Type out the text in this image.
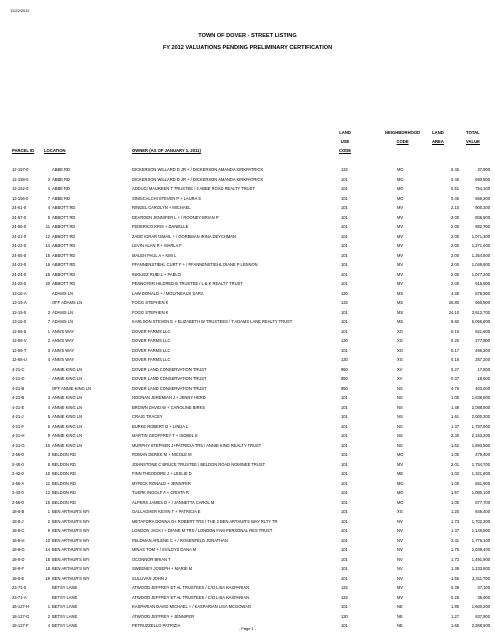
11/22/2011
TOWN OF DOVER - STREET LISTING
FY 2012 VALUATIONS PENDING PRELIMINARY CERTIFICATION
PARCEL ID LOCATION	OWNER (AS OF JANUARY 1, 2011)
LAND
USE
CODE
NEIGHBORHOOD
CODE
LAND
AREA
TOTAL
VALUE
12-157-0	ABBE RD	DICKERSON WILLARD D JR + / DICKERSON AMANDA KIRKPATRICK	132	MG	0.46	37,900
12-158-0	3 ABBE RD	DICKERSON WILLARD D JR + / DICKERSON AMANDA KIRKPATRICK	101	MG	0.46	690,500
12-152-0	4 ABBE RD	ADDUCI MAUREEN T TRUSTEE / 4 ABBE ROAD REALTY TRUST	101	MG	0.51	754,100
12-156-0	7 ABBE RD	SINISCALCHI STEVEN P + LAURA S	101	MG	0.46	569,200
24-61-0	4 ABBOTT RD	RINGEL CAROLYN + MICHAEL	101	MV	2.10	900,200
24-57-0	5 ABBOTT RD	DEARDEN JENNIFER L + / ROONEY BRIAN P	101	MV	2.00	806,500
24-56-0	11 ABBOTT RD	FEDERICO KRIS + DANIELLE	101	MV	2.00	882,700
24-21-0	12 ABBOTT RD	ZADE IGRAR ISMAIL + / GORBMAN IRINA DEYCHMAN	101	MV	2.00	1,071,300
24-22-0	14 ABBOTT RD	LEVIN ALAN R + MARLA F	101	MV	2.00	1,371,600
24-55-0	15 ABBOTT RD	MALEH PAUL A + KIM L	101	MV	2.00	1,364,500
24-23-0	16 ABBOTT RD	PFANNENSTIEHL CURT F + / PFANNENSTIEHL DIANE P LENNON	101	MV	2.00	1,049,800
24-24-0	18 ABBOTT RD	INIGUEZ RUBI L + PABLO	101	MV	2.00	1,077,200
24-25-0	20 ABBOTT RD	PENNOYER HILDRED B TRUSTEE / L & K REALTY TRUST	101	MV	2.00	915,600
13-16-A	ADAMS LN	LAW DONALD + / MOLYNEAUX SARA	130	MS	4.46	678,300
13-15-A	OFF ADAMS LN	FOGG STEPHEN K	132	MS	26.80	660,500
13-15-0	3 ADAMS LN	FOGG STEPHEN K	101	MS	24.10	3,613,700
13-16-0	7 ADAMS LN	KARLSON STEVEN E + ELIZABETH W TRUSTEES / T ADAMS LANE REALTY TRUST	101	MS	9.82	6,066,800
12-66-5	1 ANN'S WAY	DOVER FARMS LLC	101	XG	0.16	921,600
12-66-V	2 ANN'S WAY	DOVER FARMS LLC	130	XG	0.20	277,800
12-66-T	3 ANN'S WAY	DOVER FARMS LLC	101	XG	0.17	496,200
12-66-U	4 ANN'S WAY	DOVER FARMS LLC	130	XG	0.18	257,200
4-21-C	ANNIE KING LN	DOVER LAND CONSERVATION TRUST	950	XV	0.27	17,500
4-21-D	ANNIE KING LN	DOVER LAND CONSERVATION TRUST	950	XV	0.37	18,600
4-21-B	OFF ANNIE KING LN	DOVER LAND CONSERVATION TRUST	950	NS	4.76	403,000
4-21-B	3 ANNIE KING LN	NOONAN JEREMIAH J + JENNY HERD	101	NS	1.05	1,638,800
4-21-E	4 ANNIE KING LN	BROWN DAVID W + CAROLINE BIRKS	101	NS	1.49	2,088,800
4-21-J	5 ANNIE KING LN	CRAIG TRACEY	101	NS	1.61	2,000,300
4-21-F	6 ANNIE KING LN	BURKE ROBERT D + LINDA L	101	NS	1.37	1,737,900
4-21-H	9 ANNIE KING LN	MARTIN GEOFFREY T + ISOBEL E	101	NS	2.30	2,153,200
4-21-G	10 ANNIE KING LN	MURPHY STEPHEN J+PATRICIA TRS / ANNIE KING REALTY TRUST	101	NS	1.62	1,893,500
2-55-0	3 BELDON RD	ROMAN DEREK M + NICOLE M	101	MG	1.00	479,400
2-40-0	8 BELDON RD	JOHNSTONE C BRUCE TRUSTEE / BELDON ROAD NOMINEE TRUST	101	MV	2.01	1,754,700
2-42-0	10 BELDON RD	FINN THEODORE J + LESLIE D	101	ME	1.02	1,321,800
2-56-A	11 BELDON RD	MYRICK RONALD + JENNIFER	101	MG	1.00	651,900
2-43-0	12 BELDON RD	TUERK INGOLF A + CRISTA R	101	MG	1.57	1,080,100
2-55-0	15 BELDON RD	ALPERS JAMES D + / JANNETTA CAROL M	101	MG	1.00	877,700
18-8-B	1 BEN ARTHUR'S WY	GALLAGHER KEVIN T + PATRICIA E	101	XG	1.20	846,400
18-8-J	2 BEN ARTHUR'S WY	METAFORA DONNA O+ ROBERT TRS / THE 2 BEN ARTHUR'S WAY RLTY TR	101	NV	1.73	1,702,300
18-8-C	9 BEN ARTHUR'S WY	LONDON JACK I + DIANE M TRS / LONDON FAM PERSONAL RES TRUST	101	NV	1.37	1,145,800
18-8-H	10 BEN ARTHUR'S WY	FELDMAN ARLENE C + / ROSENFELD JONATHAN	101	NV	2.31	1,776,100
18-8-G	14 BEN ARTHUR'S WY	MINAS TOM + / SVILDYS DANA M	101	NV	1.75	2,039,400
18-8-D	15 BEN ARTHUR'S WY	OCONNOR BRIAN T	101	NV	1.72	1,491,900
18-8-F	18 BEN ARTHUR'S WY	SWEENEY JOSEPH + MARIE M	101	NV	1.39	1,233,800
18-8-E	19 BEN ARTHUR'S WY	SULLIVAN JOHN J	101	NV	1.55	2,311,700
23-71-0	BETSY LANE	ATWOOD JEFFREY ET AL TRUSTEES / C/O LISA KASPARIAN	132	MV	0.39	37,100
23-71-A	BETSY LANE	ATWOOD JEFFREY ET AL TRUSTEES / C/O LISA KASPARIAN	132	MV	0.26	35,600
18-127-H	1 BETSY LANE	KASPARIAN DAVID MICHAEL + / KASPARIAN LISA MCGOWAN	101	NE	1.90	1,660,200
18-127-G	2 BETSY LANE	ATWOOD JEFFREY + JENNIFER	130	NE	1.27	637,900
18-127-F	4 BETSY LANE	PETRUZZELLO PATRIZIA	101	NE	1.65	2,368,500
- Page 1 -
